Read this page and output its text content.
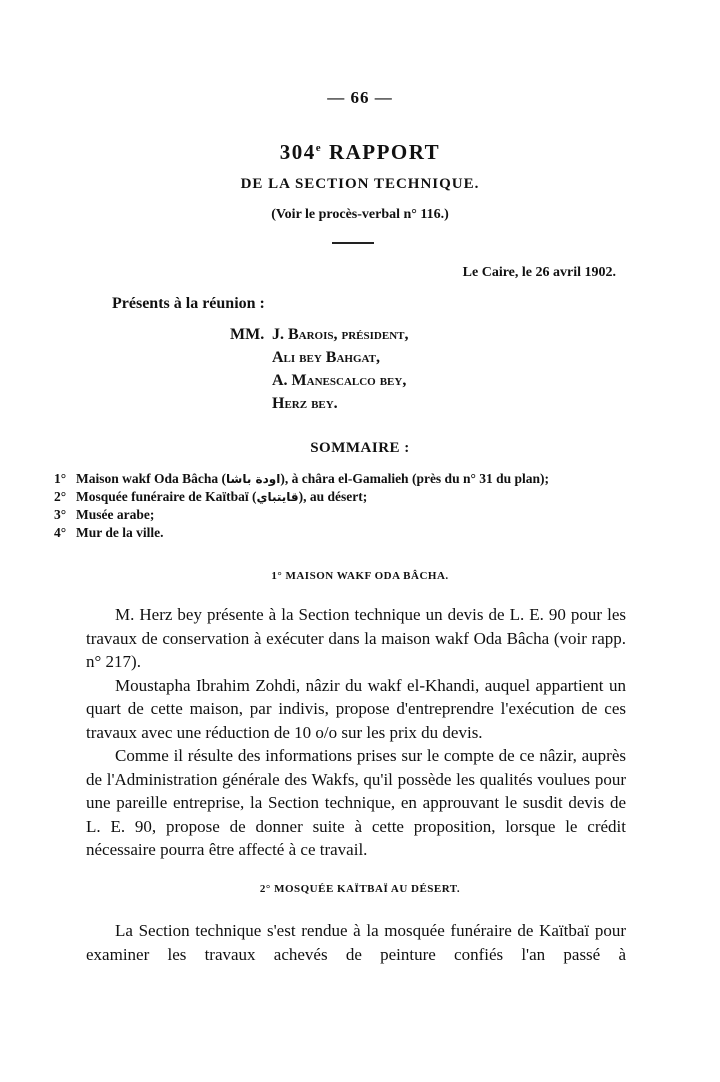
— 66 —
304e RAPPORT
DE LA SECTION TECHNIQUE.
(Voir le procès-verbal n° 116.)
Le Caire, le 26 avril 1902.
Présents à la réunion :
MM. J. Barois, président,
Ali bey Bahgat,
A. Manescalco bey,
Herz bey.
SOMMAIRE :
1° Maison wakf Oda Bâcha (اودة باشا), à châra el-Gamalieh (près du n° 31 du plan);
2° Mosquée funéraire de Kaïtbaï (قايتباي), au désert;
3° Musée arabe;
4° Mur de la ville.
1° MAISON WAKF ODA BÂCHA.

M. Herz bey présente à la Section technique un devis de L. E. 90 pour les travaux de conservation à exécuter dans la maison wakf Oda Bâcha (voir rapp. n° 217).

Moustapha Ibrahim Zohdi, nâzir du wakf el-Khandi, auquel appartient un quart de cette maison, par indivis, propose d'entreprendre l'exécution de ces travaux avec une réduction de 10 o/o sur les prix du devis.

Comme il résulte des informations prises sur le compte de ce nâzir, auprès de l'Administration générale des Wakfs, qu'il possède les qualités voulues pour une pareille entreprise, la Section technique, en approuvant le susdit devis de L. E. 90, propose de donner suite à cette proposition, lorsque le crédit nécessaire pourra être affecté à ce travail.

2° MOSQUÉE KAÏTBAÏ AU DÉSERT.

La Section technique s'est rendue à la mosquée funéraire de Kaïtbaï pour examiner les travaux achevés de peinture confiés l'an passé à
